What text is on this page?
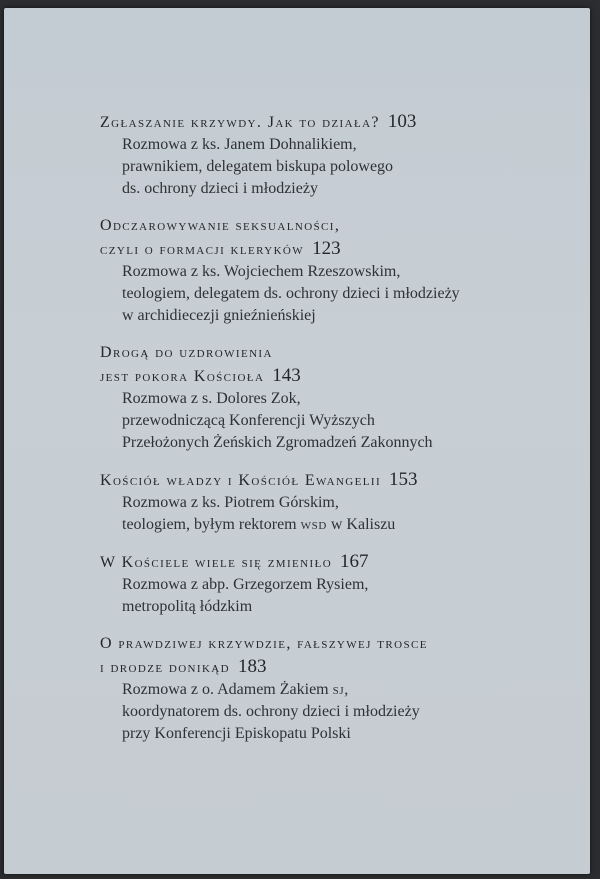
Zgłaszanie krzywdy. Jak to działa? 103
Rozmowa z ks. Janem Dohnalikiem,
prawnikiem, delegatem biskupa polowego
ds. ochrony dzieci i młodzieży
Odczarowywanie seksualności,
czyli o formacji kleryków 123
Rozmowa z ks. Wojciechem Rzeszowskim,
teologiem, delegatem ds. ochrony dzieci i młodzieży
w archidiecezji gnieźnieńskiej
Drogą do uzdrowienia
jest pokora Kościoła 143
Rozmowa z s. Dolores Zok,
przewodniczącą Konferencji Wyższych
Przełożonych Żeńskich Zgromadzeń Zakonnych
Kościół władzy i Kościół Ewangelii 153
Rozmowa z ks. Piotrem Górskim,
teologiem, byłym rektorem wsd w Kaliszu
W Kościele wiele się zmieniło 167
Rozmowa z abp. Grzegorzem Rysiem,
metropolitą łódzkim
O prawdziwej krzywdzie, fałszywej trosce
i drodze donikąd 183
Rozmowa z o. Adamem Żakiem sj,
koordynatorem ds. ochrony dzieci i młodzieży
przy Konferencji Episkopatu Polski
